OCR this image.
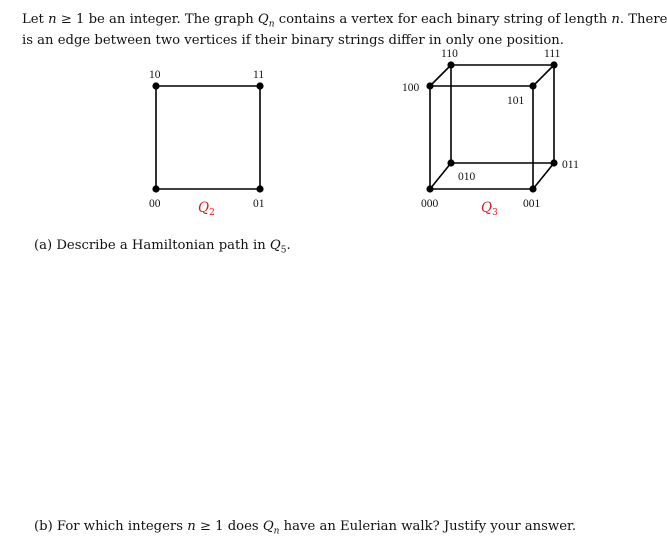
Let n ≥ 1 be an integer. The graph $Q_n$ contains a vertex for each binary string of length n. There
is an edge between two vertices if their binary strings differ in only one position.

10	11
00	01
$Q_2$
110	111
100
101
010
011
000	001
$Q_3$

(a) Describe a Hamiltonian path in $Q_5$.

(b) For which integers n ≥ 1 does $Q_n$ have an Eulerian walk? Justify your answer.
